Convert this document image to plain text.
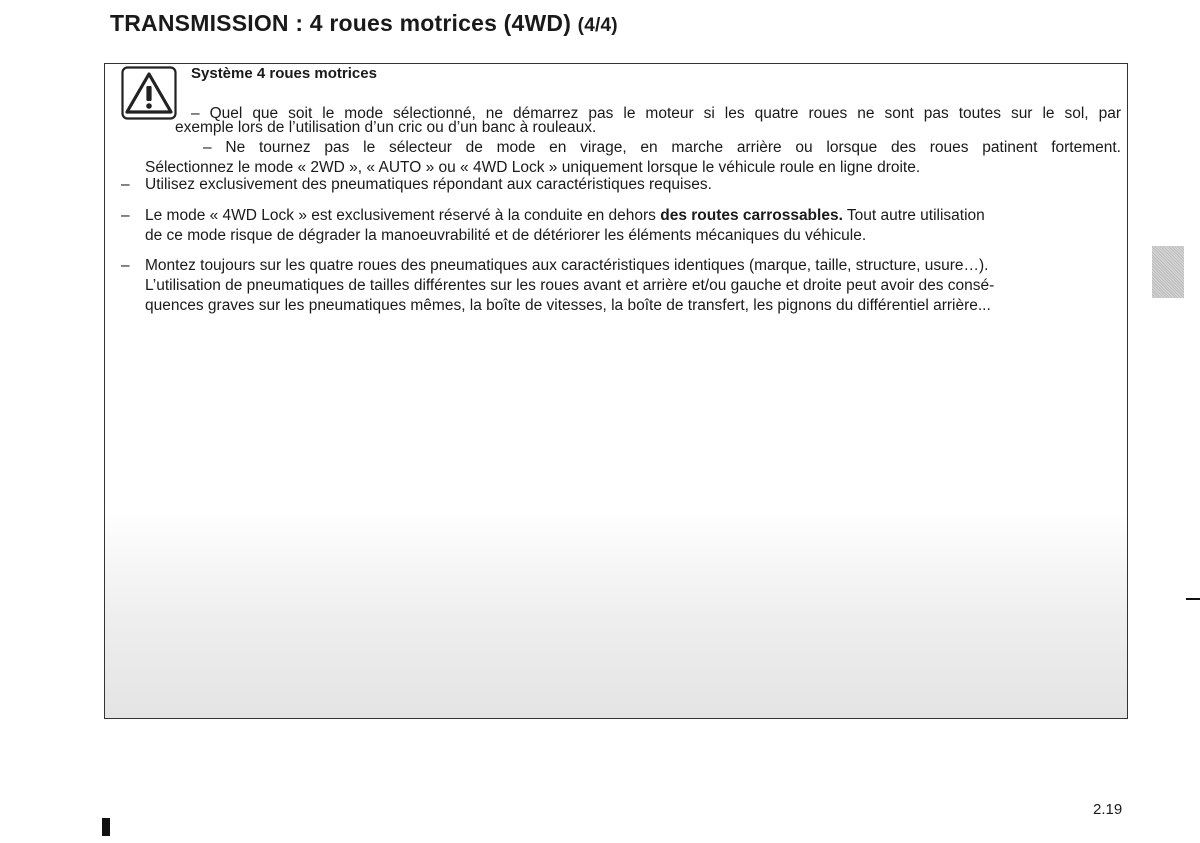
TRANSMISSION : 4 roues motrices (4WD) (4/4)
Système 4 roues motrices
– Quel que soit le mode sélectionné, ne démarrez pas le moteur si les quatre roues ne sont pas toutes sur le sol, par
exemple lors de l’utilisation d’un cric ou d’un banc à rouleaux.
– Ne tournez pas le sélecteur de mode en virage, en marche arrière ou lorsque des roues patinent fortement.
Sélectionnez le mode « 2WD », « AUTO » ou « 4WD Lock » uniquement lorsque le véhicule roule en ligne droite.
– Utilisez exclusivement des pneumatiques répondant aux caractéristiques requises.
– Le mode « 4WD Lock » est exclusivement réservé à la conduite en dehors des routes carrossables. Tout autre utilisation
de ce mode risque de dégrader la manoeuvrabilité et de détériorer les éléments mécaniques du véhicule.
– Montez toujours sur les quatre roues des pneumatiques aux caractéristiques identiques (marque, taille, structure, usure…).
L’utilisation de pneumatiques de tailles différentes sur les roues avant et arrière et/ou gauche et droite peut avoir des consé-
quences graves sur les pneumatiques mêmes, la boîte de vitesses, la boîte de transfert, les pignons du différentiel arrière...
2.19
